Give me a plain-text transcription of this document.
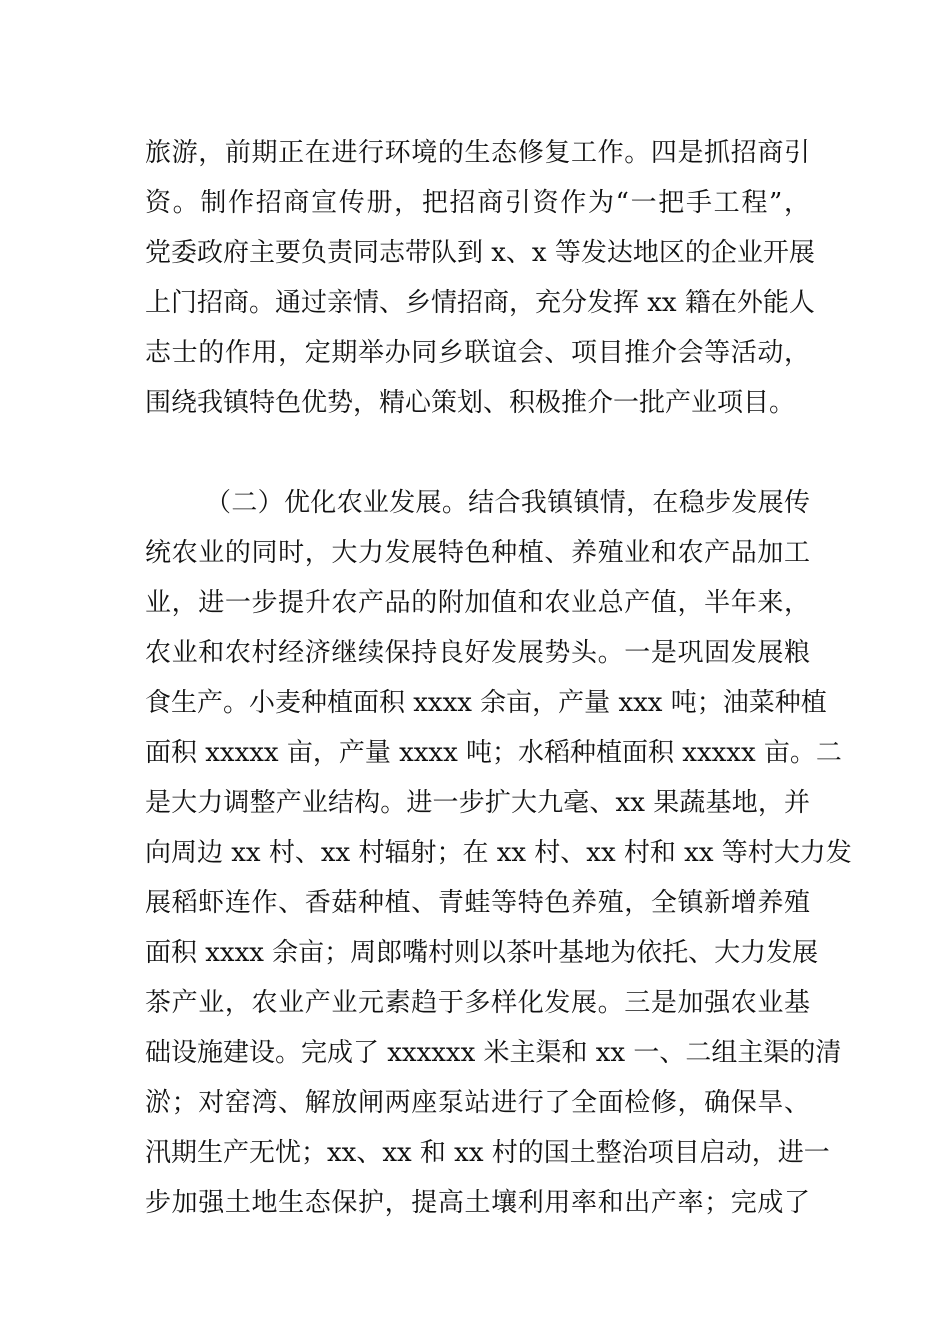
旅游，前期正在进行环境的生态修复工作。四是抓招商引
资。制作招商宣传册，把招商引资作为“一把手工程”，
党委政府主要负责同志带队到 x、x 等发达地区的企业开展
上门招商。通过亲情、乡情招商，充分发挥 xx 籍在外能人
志士的作用，定期举办同乡联谊会、项目推介会等活动，
围绕我镇特色优势，精心策划、积极推介一批产业项目。
（二）优化农业发展。结合我镇镇情，在稳步发展传
统农业的同时，大力发展特色种植、养殖业和农产品加工
业，进一步提升农产品的附加值和农业总产值，半年来，
农业和农村经济继续保持良好发展势头。一是巩固发展粮
食生产。小麦种植面积 xxxx 余亩，产量 xxx 吨；油菜种植
面积 xxxxx 亩，产量 xxxx 吨；水稻种植面积 xxxxx 亩。二
是大力调整产业结构。进一步扩大九毫、xx 果蔬基地，并
向周边 xx 村、xx 村辐射；在 xx 村、xx 村和 xx 等村大力发
展稻虾连作、香菇种植、青蛙等特色养殖，全镇新增养殖
面积 xxxx 余亩；周郎嘴村则以茶叶基地为依托、大力发展
茶产业，农业产业元素趋于多样化发展。三是加强农业基
础设施建设。完成了 xxxxxx 米主渠和 xx 一、二组主渠的清
淤；对窑湾、解放闸两座泵站进行了全面检修，确保旱、
汛期生产无忧；xx、xx 和 xx 村的国土整治项目启动，进一
步加强土地生态保护，提高土壤利用率和出产率；完成了
